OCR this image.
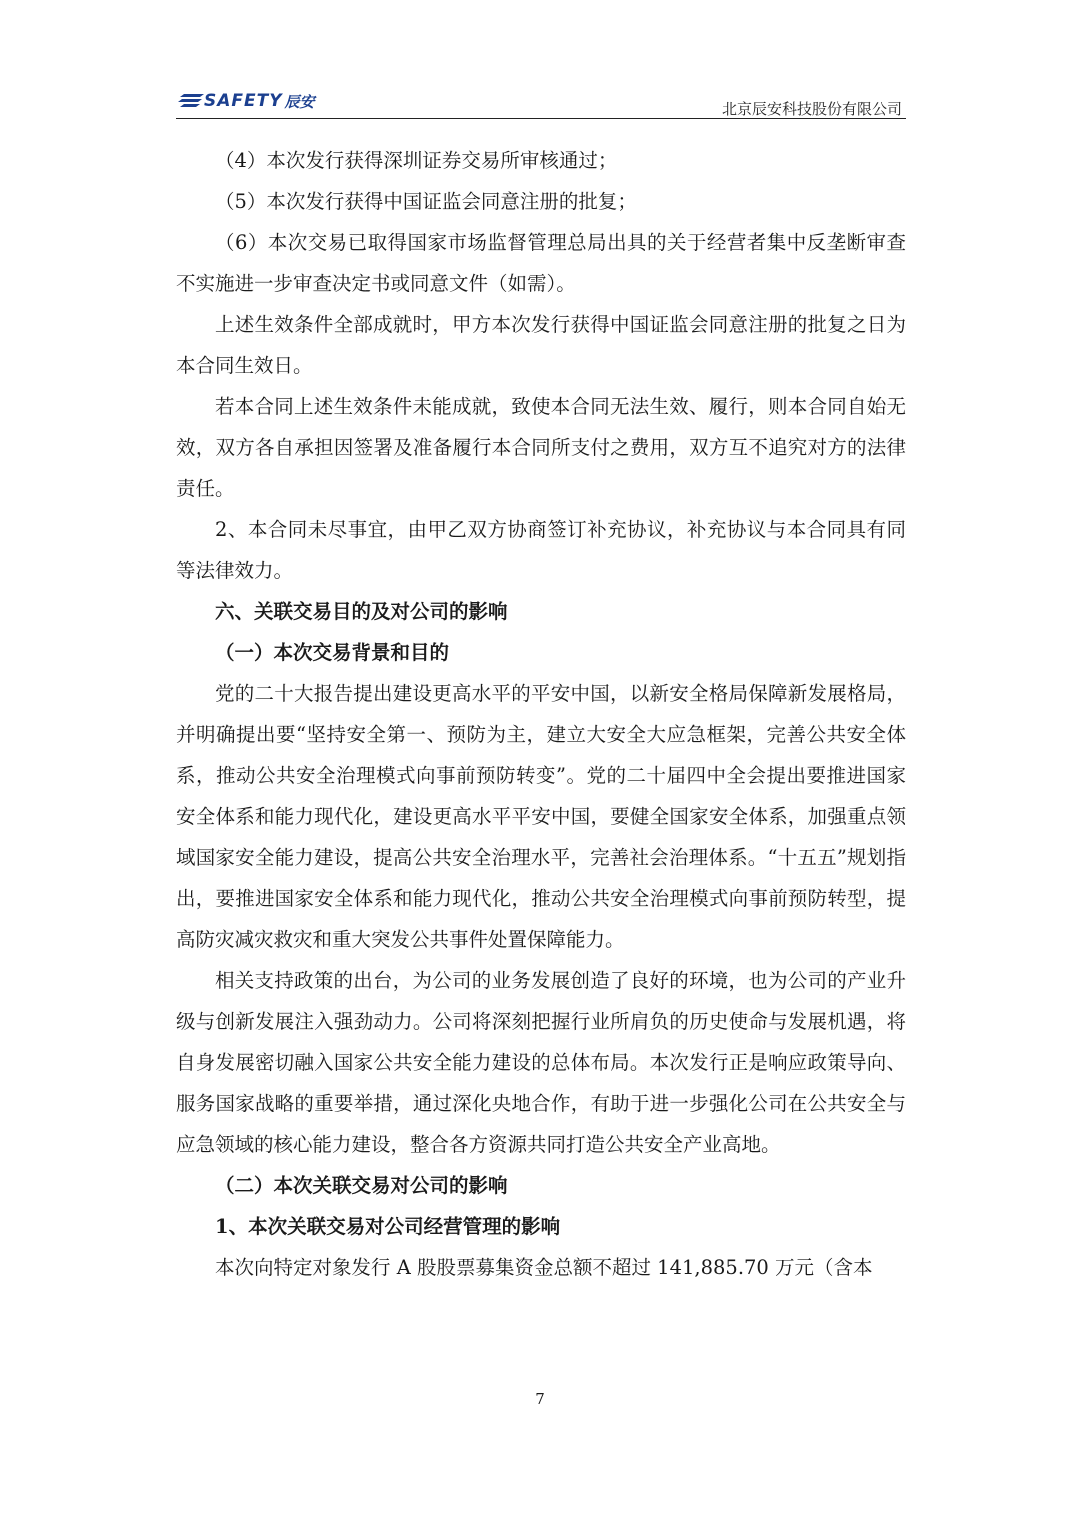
SAFETY 辰安	北京辰安科技股份有限公司

（4）本次发行获得深圳证券交易所审核通过；

（5）本次发行获得中国证监会同意注册的批复；

（6）本次交易已取得国家市场监督管理总局出具的关于经营者集中反垄断审查不实施进一步审查决定书或同意文件（如需）。

上述生效条件全部成就时，甲方本次发行获得中国证监会同意注册的批复之日为本合同生效日。

若本合同上述生效条件未能成就，致使本合同无法生效、履行，则本合同自始无效，双方各自承担因签署及准备履行本合同所支付之费用，双方互不追究对方的法律责任。

2、本合同未尽事宜，由甲乙双方协商签订补充协议，补充协议与本合同具有同等法律效力。

六、关联交易目的及对公司的影响

（一）本次交易背景和目的

党的二十大报告提出建设更高水平的平安中国，以新安全格局保障新发展格局，并明确提出要“坚持安全第一、预防为主，建立大安全大应急框架，完善公共安全体系，推动公共安全治理模式向事前预防转变”。党的二十届四中全会提出要推进国家安全体系和能力现代化，建设更高水平平安中国，要健全国家安全体系，加强重点领域国家安全能力建设，提高公共安全治理水平，完善社会治理体系。“十五五”规划指出，要推进国家安全体系和能力现代化，推动公共安全治理模式向事前预防转型，提高防灾减灾救灾和重大突发公共事件处置保障能力。

相关支持政策的出台，为公司的业务发展创造了良好的环境，也为公司的产业升级与创新发展注入强劲动力。公司将深刻把握行业所肩负的历史使命与发展机遇，将自身发展密切融入国家公共安全能力建设的总体布局。本次发行正是响应政策导向、服务国家战略的重要举措，通过深化央地合作，有助于进一步强化公司在公共安全与应急领域的核心能力建设，整合各方资源共同打造公共安全产业高地。

（二）本次关联交易对公司的影响

1、本次关联交易对公司经营管理的影响

本次向特定对象发行 A 股股票募集资金总额不超过 141,885.70 万元（含本

7
